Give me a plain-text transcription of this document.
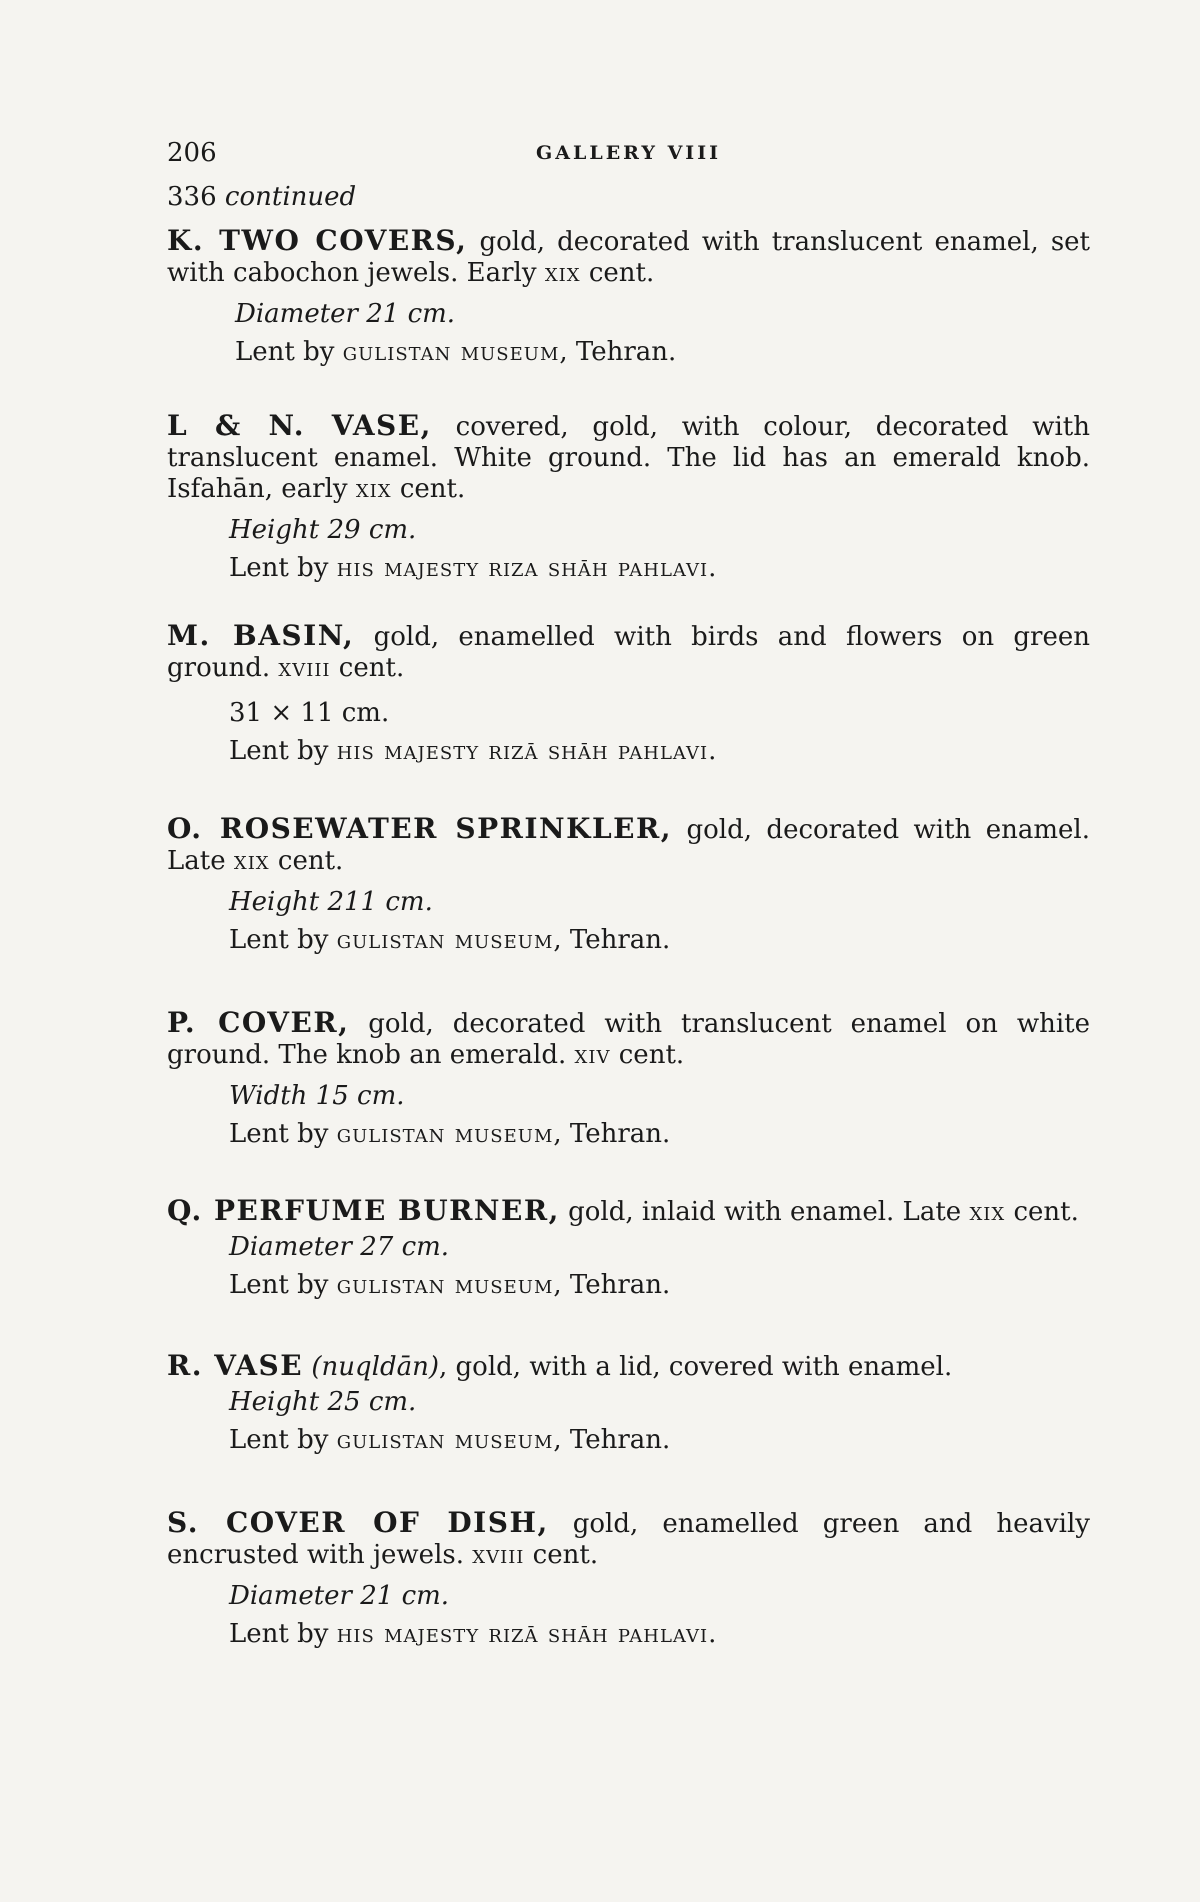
206	GALLERY VIII
336 continued
K. TWO COVERS, gold, decorated with translucent enamel, set with cabochon jewels. Early xix cent.
Diameter 21 cm.
Lent by gulistan museum, Tehran.
L & N. VASE, covered, gold, with colour, decorated with translucent enamel. White ground. The lid has an emerald knob. Isfahān, early xix cent.
Height 29 cm.
Lent by his majesty riza shāh pahlavi.
M. BASIN, gold, enamelled with birds and flowers on green ground. xviii cent.
31 × 11 cm.
Lent by his majesty rizā shāh pahlavi.
O. ROSEWATER SPRINKLER, gold, decorated with enamel. Late xix cent.
Height 211 cm.
Lent by gulistan museum, Tehran.
P. COVER, gold, decorated with translucent enamel on white ground. The knob an emerald. xiv cent.
Width 15 cm.
Lent by gulistan museum, Tehran.
Q. PERFUME BURNER, gold, inlaid with enamel. Late xix cent.
Diameter 27 cm.
Lent by gulistan museum, Tehran.
R. VASE (nuqldān), gold, with a lid, covered with enamel.
Height 25 cm.
Lent by gulistan museum, Tehran.
S. COVER OF DISH, gold, enamelled green and heavily encrusted with jewels. xviii cent.
Diameter 21 cm.
Lent by his majesty rizā shāh pahlavi.
